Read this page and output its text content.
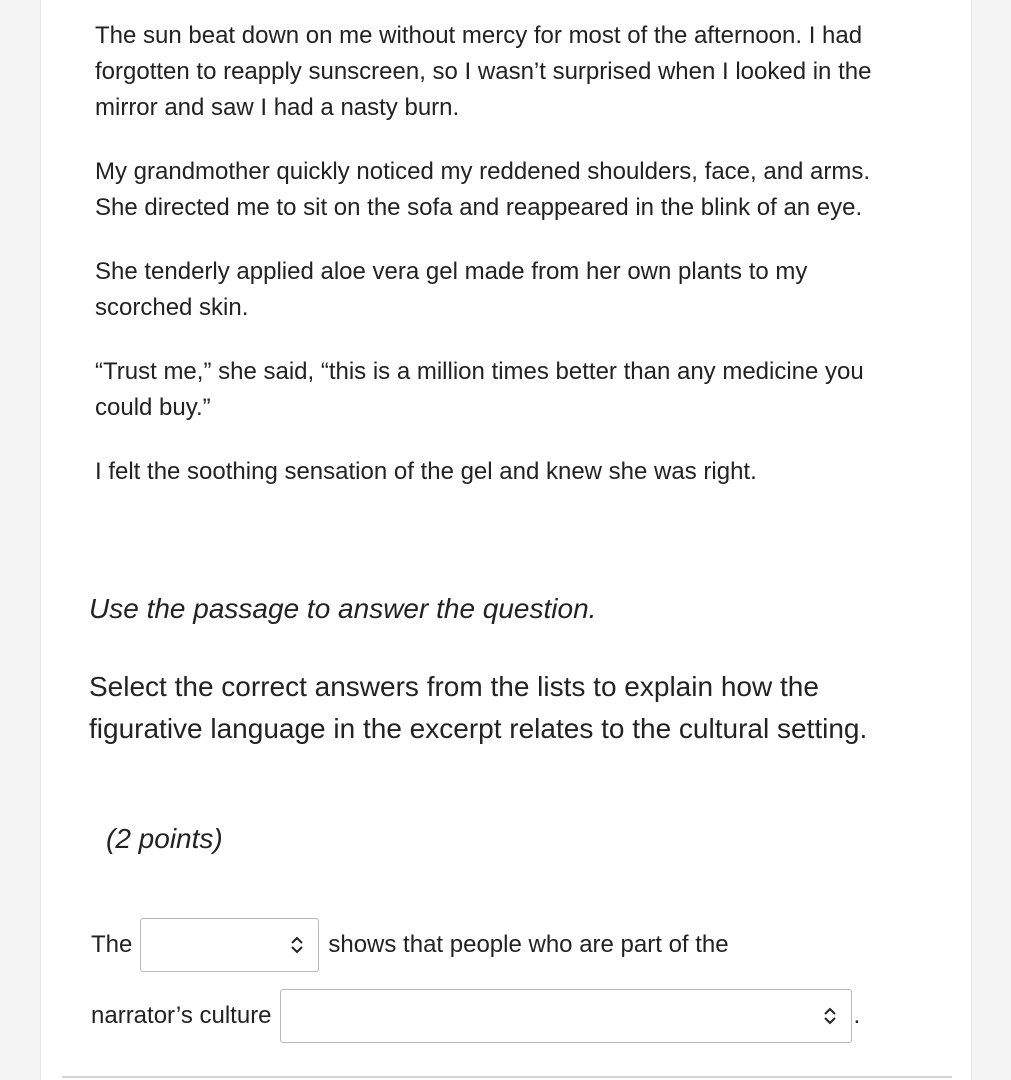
The sun beat down on me without mercy for most of the afternoon. I had forgotten to reapply sunscreen, so I wasn’t surprised when I looked in the mirror and saw I had a nasty burn.

My grandmother quickly noticed my reddened shoulders, face, and arms. She directed me to sit on the sofa and reappeared in the blink of an eye.

She tenderly applied aloe vera gel made from her own plants to my scorched skin.

“Trust me,” she said, “this is a million times better than any medicine you could buy.”

I felt the soothing sensation of the gel and knew she was right.

Use the passage to answer the question.
Select the correct answers from the lists to explain how the figurative language in the excerpt relates to the cultural setting.
(2 points)
The	shows that people who are part of the
narrator’s culture	.
